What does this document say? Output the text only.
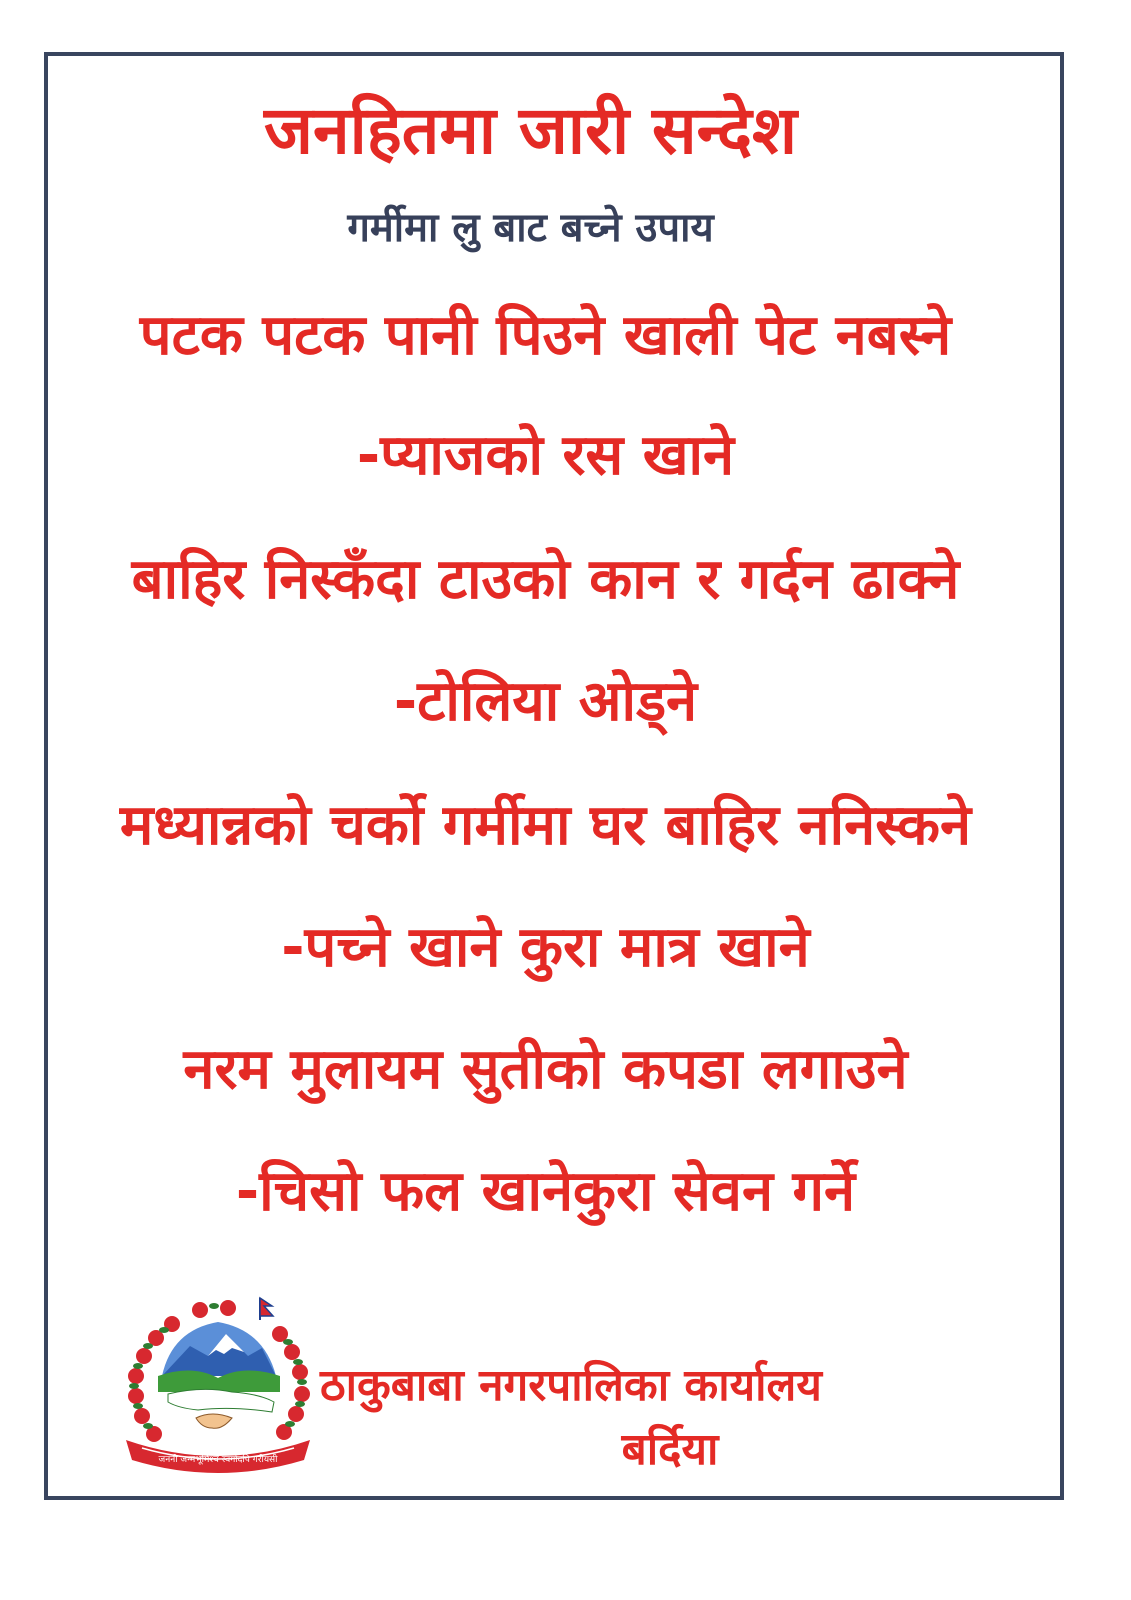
जनहितमा जारी सन्देश
गर्मीमा लु बाट बच्ने उपाय
पटक पटक पानी पिउने खाली पेट नबस्ने
-प्याजको रस खाने
बाहिर निस्कँदा टाउको कान र गर्दन ढाक्ने
-टोलिया ओड्ने
मध्यान्नको चर्को गर्मीमा घर बाहिर ननिस्कने
-पच्ने खाने कुरा मात्र खाने
नरम मुलायम सुतीको कपडा लगाउने
-चिसो फल खानेकुरा सेवन गर्ने
जननी जन्मभूमिश्च स्वर्गादपि गरीयसी
ठाकुबाबा नगरपालिका कार्यालय
बर्दिया
